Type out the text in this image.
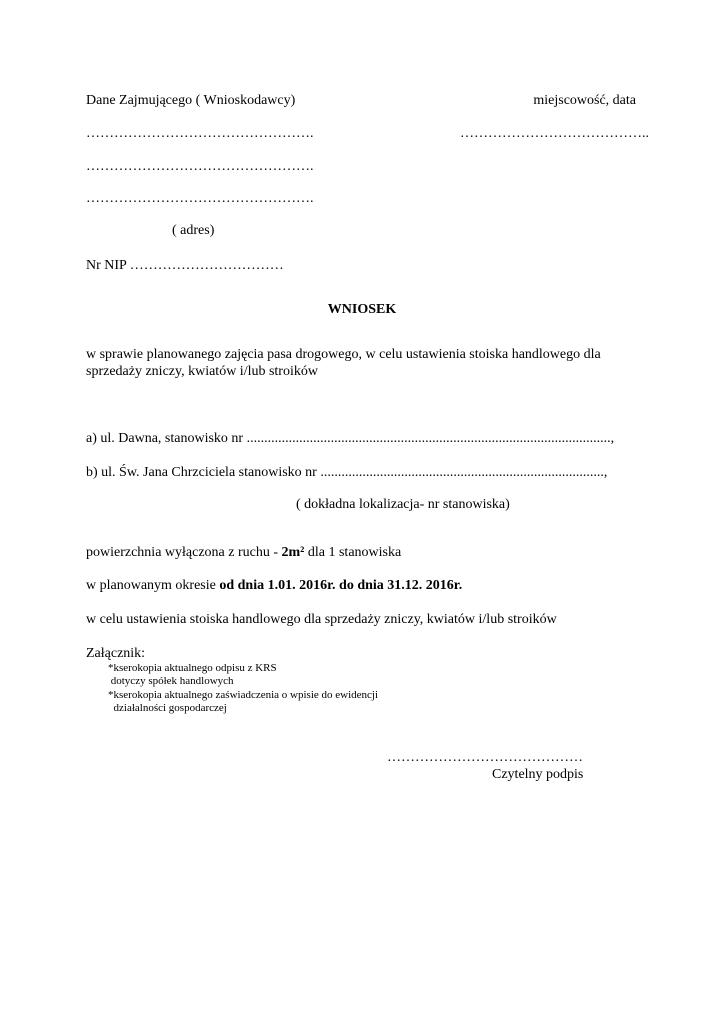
Dane Zajmującego ( Wnioskodawcy)	miejscowość, data
………………………………………….	…………………………………..
………………………………………….
………………………………………….
( adres)
Nr NIP ……………………………
WNIOSEK
w sprawie planowanego zajęcia pasa drogowego, w celu ustawienia stoiska handlowego dla
sprzedaży zniczy, kwiatów i/lub stroików
a) ul. Dawna, stanowisko nr ........................................................................................................,
b) ul. Św. Jana Chrzciciela stanowisko nr .................................................................................,
( dokładna lokalizacja- nr stanowiska)
powierzchnia wyłączona z ruchu - 2m² dla 1 stanowiska
w planowanym okresie od dnia 1.01. 2016r. do dnia 31.12. 2016r.
w celu ustawienia stoiska handlowego dla sprzedaży zniczy, kwiatów i/lub stroików
Załącznik:
*kserokopia aktualnego odpisu z KRS
dotyczy spółek handlowych
*kserokopia aktualnego zaświadczenia o wpisie do ewidencji
działalności gospodarczej
……………………………………
Czytelny podpis
